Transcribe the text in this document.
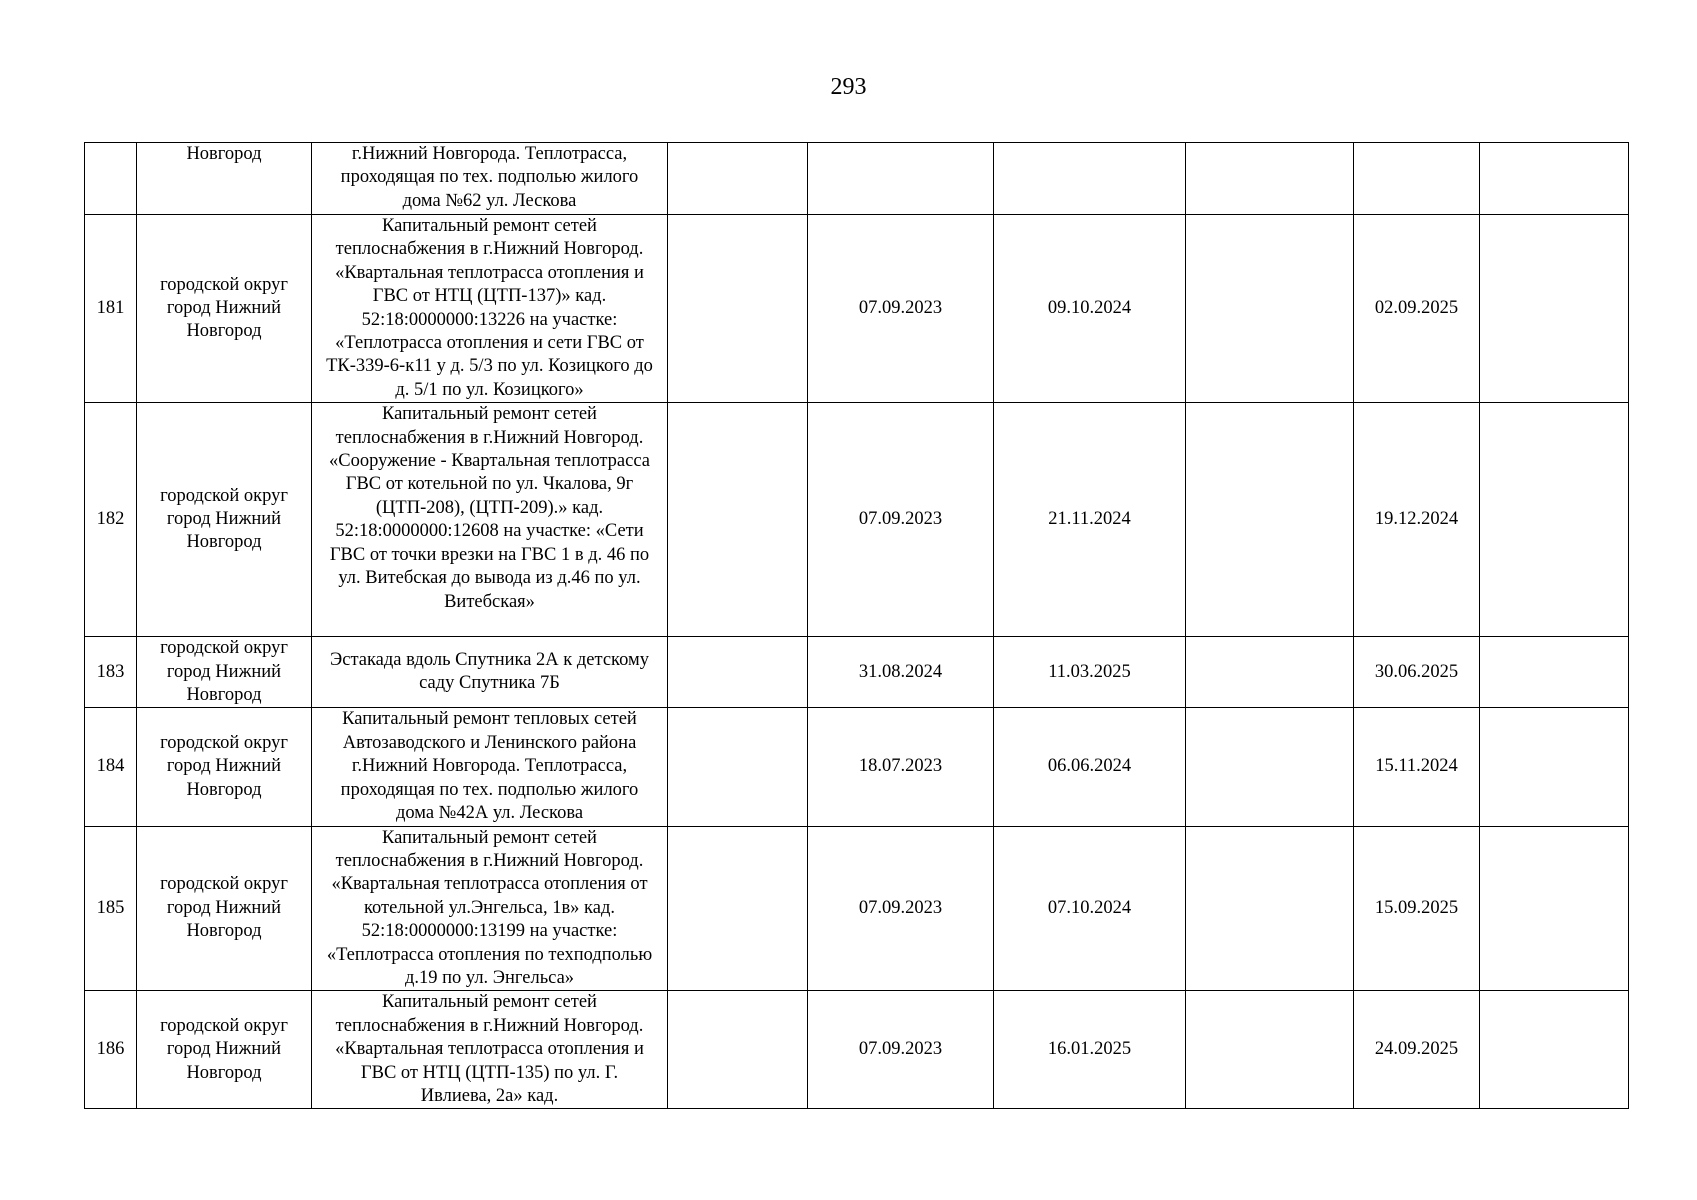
293
	Новгород	г.Нижний Новгорода. Теплотрасса, проходящая по тех. подполью жилого дома №62 ул. Лескова						
181	городской округ город Нижний Новгород	Капитальный ремонт сетей теплоснабжения в г.Нижний Новгород. «Квартальная теплотрасса отопления и ГВС от НТЦ (ЦТП-137)» кад. 52:18:0000000:13226 на участке: «Теплотрасса отопления и сети ГВС от ТК-339-6-к11 у д. 5/3 по ул. Козицкого до д. 5/1 по ул. Козицкого»		07.09.2023	09.10.2024		02.09.2025	
182	городской округ город Нижний Новгород	Капитальный ремонт сетей теплоснабжения в г.Нижний Новгород. «Сооружение - Квартальная теплотрасса ГВС от котельной по ул. Чкалова, 9г (ЦТП-208), (ЦТП-209).» кад. 52:18:0000000:12608 на участке: «Сети ГВС от точки врезки на ГВС 1 в д. 46 по ул. Витебская до вывода из д.46 по ул. Витебская»		07.09.2023	21.11.2024		19.12.2024	
183	городской округ город Нижний Новгород	Эстакада вдоль Спутника 2А к детскому саду Спутника 7Б		31.08.2024	11.03.2025		30.06.2025	
184	городской округ город Нижний Новгород	Капитальный ремонт тепловых сетей Автозаводского и Ленинского района г.Нижний Новгорода. Теплотрасса, проходящая по тех. подполью жилого дома №42А ул. Лескова		18.07.2023	06.06.2024		15.11.2024	
185	городской округ город Нижний Новгород	Капитальный ремонт сетей теплоснабжения в г.Нижний Новгород. «Квартальная теплотрасса отопления от котельной ул.Энгельса, 1в» кад. 52:18:0000000:13199 на участке: «Теплотрасса отопления по техподполью д.19 по ул. Энгельса»		07.09.2023	07.10.2024		15.09.2025	
186	городской округ город Нижний Новгород	Капитальный ремонт сетей теплоснабжения в г.Нижний Новгород. «Квартальная теплотрасса отопления и ГВС от НТЦ (ЦТП-135) по ул. Г. Ивлиева, 2а» кад.		07.09.2023	16.01.2025		24.09.2025	
